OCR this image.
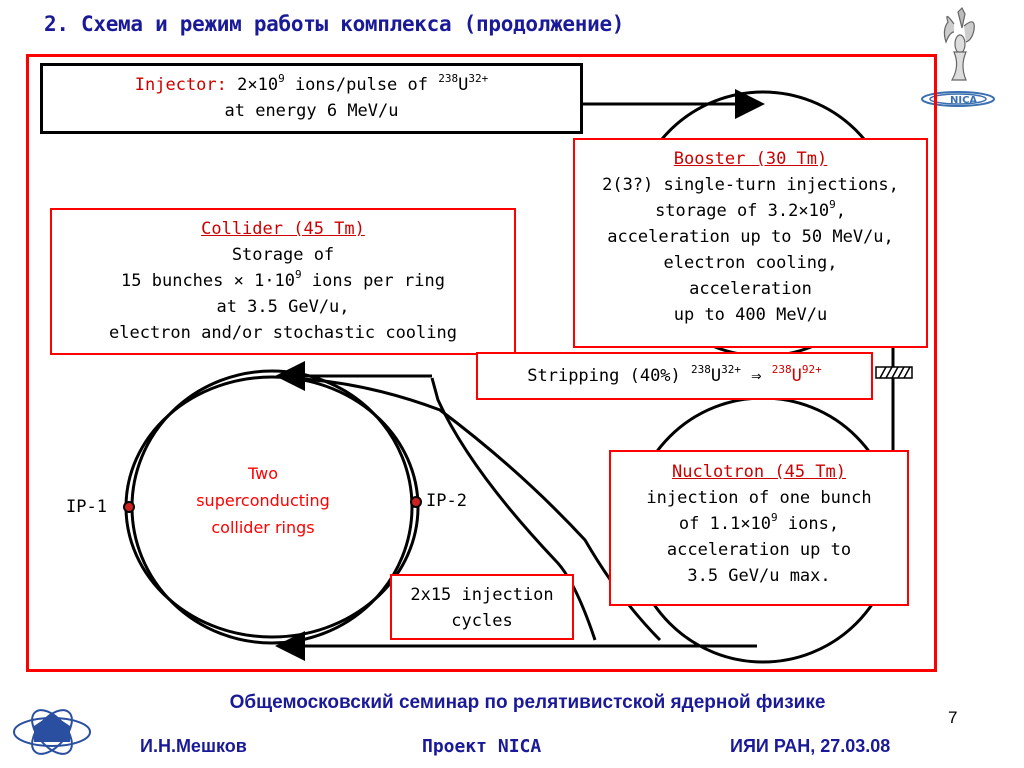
2. Схема и режим работы комплекса (продолжение)
NICA
Injector: $2⨯10^9$ ions/pulse of $^{238}U^{32+}$
at energy 6 MeV/u
Booster (30 Tm)
2(3?) single-turn injections,
storage of $3.2⨯10^9$,
acceleration up to 50 MeV/u,
electron cooling,
acceleration
up to 400 MeV/u
Collider (45 Tm)
Storage of
15 bunches × $1\cdot 10^9$ ions per ring
at 3.5 GeV/u,
electron and/or stochastic cooling
Stripping (40%) $^{238}U^{32+}$ ⇒ $^{238}U^{92+}$
Nuclotron (45 Tm)
injection of one bunch
of $1.1⨯10^9$ ions,
acceleration up to
3.5 GeV/u max.
Two
superconducting
collider rings
IP-1	IP-2
2x15 injection
cycles
Общемосковский семинар по релятивистской ядерной физике
И.Н.Мешков	Проект NICA	ИЯИ РАН, 27.03.08
7
